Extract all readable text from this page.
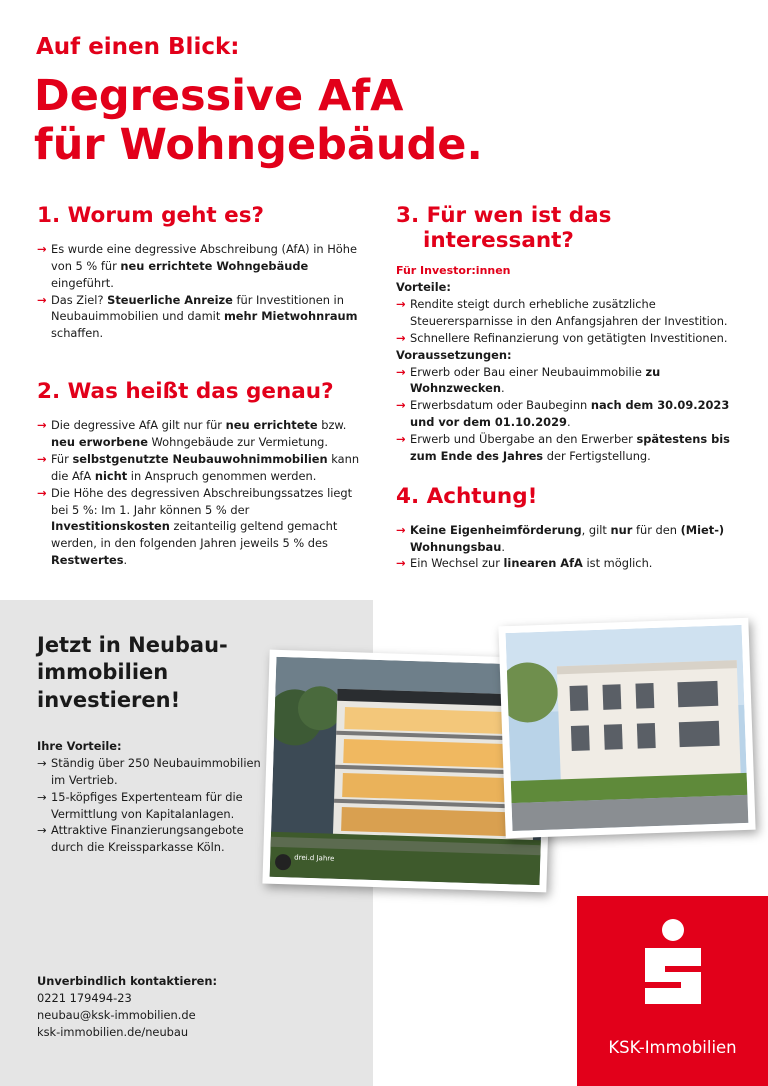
Auf einen Blick:
Degressive AfA
für Wohngebäude.
1. Worum geht es?
→ Es wurde eine degressive Abschreibung (AfA) in Höhe von 5 % für neu errichtete Wohngebäude eingeführt.
→ Das Ziel? Steuerliche Anreize für Investitionen in Neubauimmobilien und damit mehr Mietwohnraum schaffen.
2. Was heißt das genau?
→ Die degressive AfA gilt nur für neu errichtete bzw. neu erworbene Wohngebäude zur Vermietung.
→ Für selbstgenutzte Neubauwohnimmobilien kann die AfA nicht in Anspruch genommen werden.
→ Die Höhe des degressiven Abschreibungssatzes liegt bei 5 %: Im 1. Jahr können 5 % der Investitionskosten zeitanteilig geltend gemacht werden, in den folgenden Jahren jeweils 5 % des Restwertes.
3. Für wen ist das
interessant?
Für Investor:innen
Vorteile:
→ Rendite steigt durch erhebliche zusätzliche Steuerersparnisse in den Anfangsjahren der Investition.
→ Schnellere Refinanzierung von getätigten Investitionen.
Voraussetzungen:
→ Erwerb oder Bau einer Neubauimmobilie zu Wohnzwecken.
→ Erwerbsdatum oder Baubeginn nach dem 30.09.2023 und vor dem 01.10.2029.
→ Erwerb und Übergabe an den Erwerber spätestens bis zum Ende des Jahres der Fertigstellung.
4. Achtung!
→ Keine Eigenheimförderung, gilt nur für den (Miet-) Wohnungsbau.
→ Ein Wechsel zur linearen AfA ist möglich.
Jetzt in Neubau-
immobilien
investieren!
Ihre Vorteile:
→ Ständig über 250 Neubauimmobilien im Vertrieb.
→ 15-köpfiges Expertenteam für die Vermittlung von Kapitalanlagen.
→ Attraktive Finanzierungsangebote durch die Kreissparkasse Köln.
Unverbindlich kontaktieren:
0221 179494-23
neubau@ksk-immobilien.de
ksk-immobilien.de/neubau
drei.d Jahre
KSK-Immobilien
